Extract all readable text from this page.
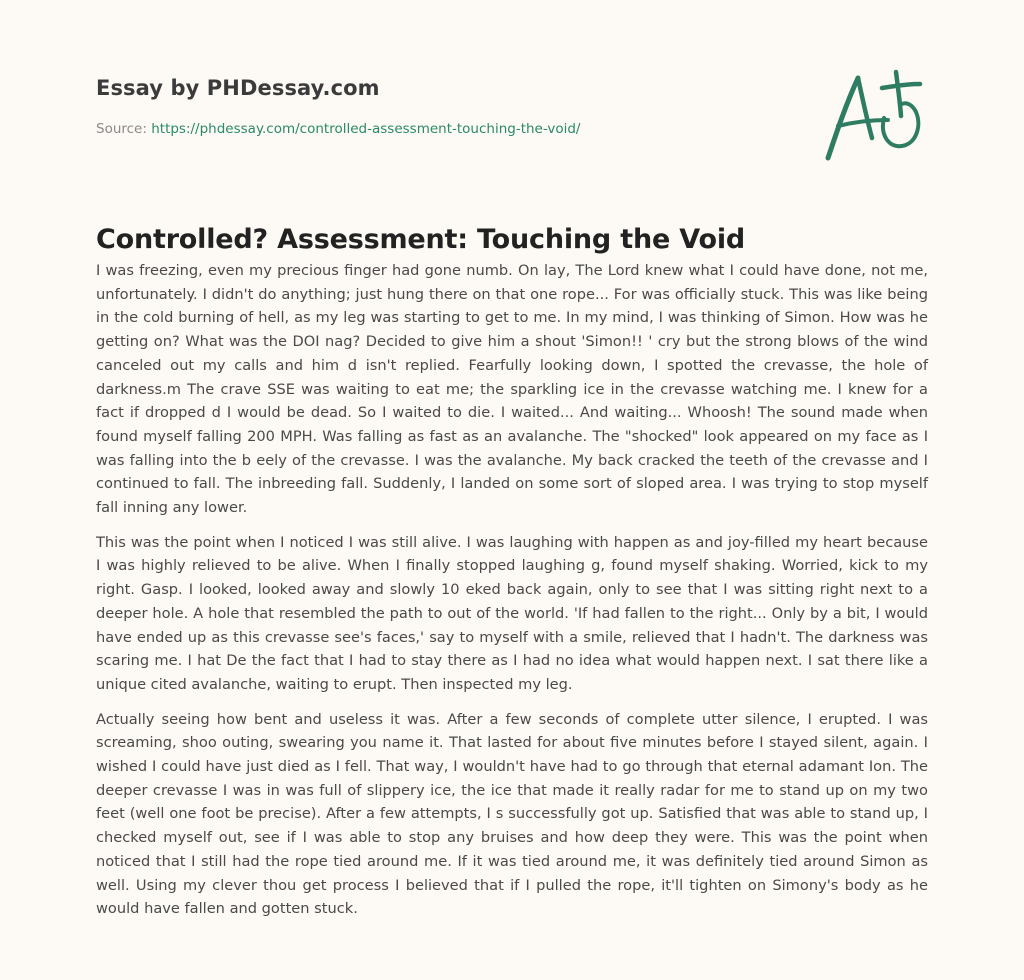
Essay by PHDessay.com
Source: https://phdessay.com/controlled-assessment-touching-the-void/
Controlled? Assessment: Touching the Void

I was freezing, even my precious finger had gone numb. On lay, The Lord knew what I could have done, not me, unfortunately. I didn't do anything; just hung there on that one rope... For was officially stuck. This was like being in the cold burning of hell, as my leg was starting to get to me. In my mind, I was thinking of Simon. How was he getting on? What was the DOI nag? Decided to give him a shout 'Simon!! ' cry but the strong blows of the wind canceled out my calls and him d isn't replied. Fearfully looking down, I spotted the crevasse, the hole of darkness.m The crave SSE was waiting to eat me; the sparkling ice in the crevasse watching me. I knew for a fact if dropped d I would be dead. So I waited to die. I waited... And waiting... Whoosh! The sound made when found myself falling 200 MPH. Was falling as fast as an avalanche. The "shocked" look appeared on my face as I was falling into the b eely of the crevasse. I was the avalanche. My back cracked the teeth of the crevasse and I continued to fall. The inbreeding fall. Suddenly, I landed on some sort of sloped area. I was trying to stop myself fall inning any lower.

This was the point when I noticed I was still alive. I was laughing with happen as and joy-filled my heart because I was highly relieved to be alive. When I finally stopped laughing g, found myself shaking. Worried, kick to my right. Gasp. I looked, looked away and slowly 10 eked back again, only to see that I was sitting right next to a deeper hole. A hole that resembled the path to out of the world. 'If had fallen to the right... Only by a bit, I would have ended up as this crevasse see's faces,' say to myself with a smile, relieved that I hadn't. The darkness was scaring me. I hat De the fact that I had to stay there as I had no idea what would happen next. I sat there like a unique cited avalanche, waiting to erupt. Then inspected my leg.

Actually seeing how bent and useless it was. After a few seconds of complete utter silence, I erupted. I was screaming, shoo outing, swearing you name it. That lasted for about five minutes before I stayed silent, again. I wished I could have just died as I fell. That way, I wouldn't have had to go through that eternal adamant Ion. The deeper crevasse I was in was full of slippery ice, the ice that made it really radar for me to stand up on my two feet (well one foot be precise). After a few attempts, I s successfully got up. Satisfied that was able to stand up, I checked myself out, see if I was able to stop any bruises and how deep they were. This was the point when noticed that I still had the rope tied around me. If it was tied around me, it was definitely tied around Simon as well. Using my clever thou get process I believed that if I pulled the rope, it'll tighten on Simony's body as he would have fallen and gotten stuck.
